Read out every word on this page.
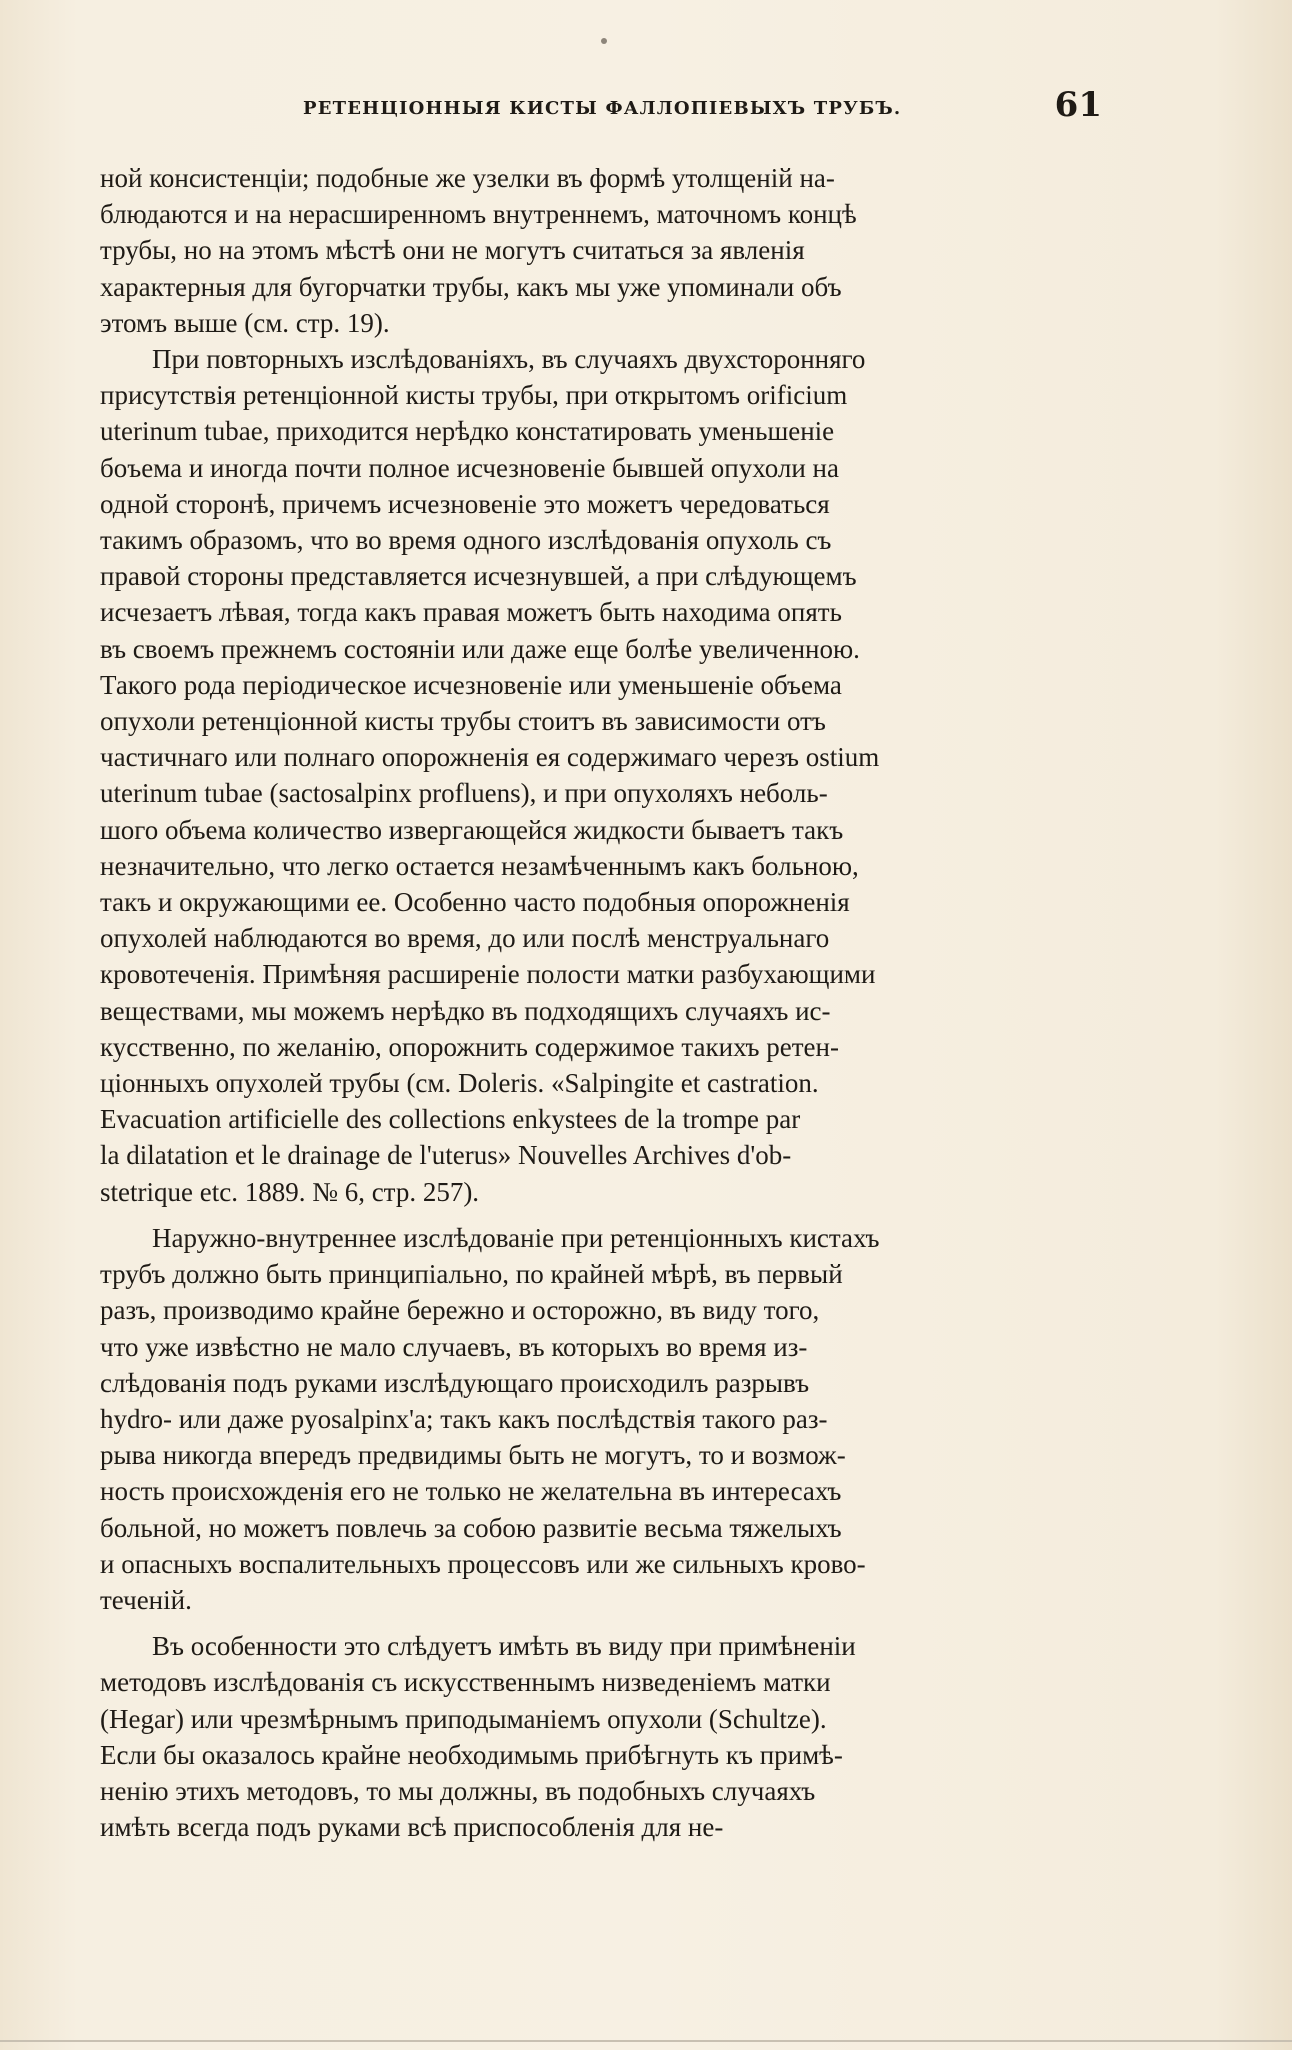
РЕТЕНЦІОННЫЯ КИСТЫ ФАЛЛОПІЕВЫХЪ ТРУБЪ.	61
ной консистенціи; подобные же узелки въ формѣ утолщеній на-
блюдаются и на нерасширенномъ внутреннемъ, маточномъ концѣ
трубы, но на этомъ мѣстѣ они не могутъ считаться за явленія
характерныя для бугорчатки трубы, какъ мы уже упоминали объ
этомъ выше (см. стр. 19).
При повторныхъ изслѣдованіяхъ, въ случаяхъ двухсторонняго
присутствія ретенціонной кисты трубы, при открытомъ orificium
uterinum tubae, приходится нерѣдко констатировать уменьшеніе
боъема и иногда почти полное исчезновеніе бывшей опухоли на
одной сторонѣ, причемъ исчезновеніе это можетъ чередоваться
такимъ образомъ, что во время одного изслѣдованія опухоль съ
правой стороны представляется исчезнувшей, а при слѣдующемъ
исчезаетъ лѣвая, тогда какъ правая можетъ быть находима опять
въ своемъ прежнемъ состояніи или даже еще болѣе увеличенною.
Такого рода періодическое исчезновеніе или уменьшеніе объема
опухоли ретенціонной кисты трубы стоитъ въ зависимости отъ
частичнаго или полнаго опорожненія ея содержимаго черезъ ostium
uterinum tubae (sactosalpinx profluens), и при опухоляхъ неболь-
шого объема количество извергающейся жидкости бываетъ такъ
незначительно, что легко остается незамѣченнымъ какъ больною,
такъ и окружающими ее. Особенно часто подобныя опорожненія
опухолей наблюдаются во время, до или послѣ менструальнаго
кровотеченія. Примѣняя расширеніе полости матки разбухающими
веществами, мы можемъ нерѣдко въ подходящихъ случаяхъ ис-
кусственно, по желанію, опорожнить содержимое такихъ ретен-
ціонныхъ опухолей трубы (см. Doleris. «Salpingite et castration.
Evacuation artificielle des collections enkystees de la trompe par
la dilatation et le drainage de l'uterus» Nouvelles Archives d'ob-
stetrique etc. 1889. № 6, стр. 257).
Наружно-внутреннее изслѣдованіе при ретенціонныхъ кистахъ
трубъ должно быть принципіально, по крайней мѣрѣ, въ первый
разъ, производимо крайне бережно и осторожно, въ виду того,
что уже извѣстно не мало случаевъ, въ которыхъ во время из-
слѣдованія подъ руками изслѣдующаго происходилъ разрывъ
hydro- или даже pyosalpinx'а; такъ какъ послѣдствія такого раз-
рыва никогда впередъ предвидимы быть не могутъ, то и возмож-
ность происхожденія его не только не желательна въ интересахъ
больной, но можетъ повлечь за собою развитіе весьма тяжелыхъ
и опасныхъ воспалительныхъ процессовъ или же сильныхъ крово-
теченій.
Въ особенности это слѣдуетъ имѣть въ виду при примѣненіи
методовъ изслѣдованія съ искусственнымъ низведеніемъ матки
(Hegar) или чрезмѣрнымъ приподыманіемъ опухоли (Schultze).
Если бы оказалось крайне необходимымь прибѣгнуть къ примѣ-
ненію этихъ методовъ, то мы должны, въ подобныхъ случаяхъ
имѣть всегда подъ руками всѣ приспособленія для не-
